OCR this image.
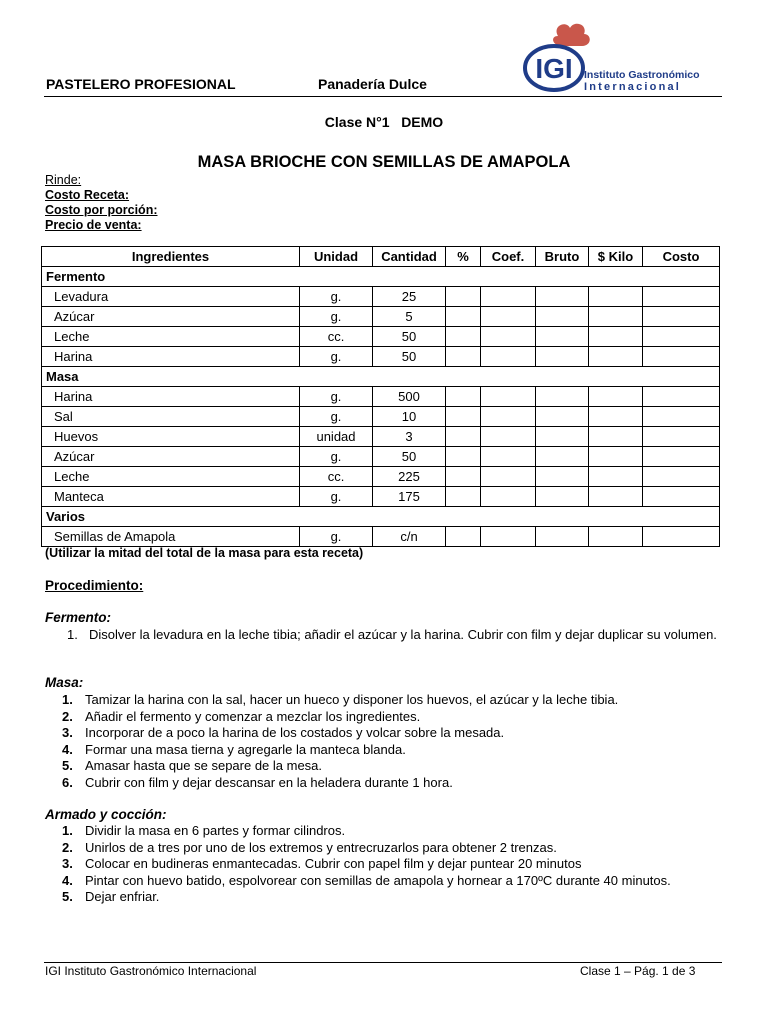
PASTELERO PROFESIONAL	Panadería Dulce	IGI Instituto Gastronómico
Internacional
Clase N°1   DEMO
MASA BRIOCHE CON SEMILLAS DE AMAPOLA
Rinde:
Costo Receta:
Costo por porción:
Precio de venta:
Ingredientes	Unidad	Cantidad	%	Coef.	Bruto	$ Kilo	Costo
Fermento							
Levadura	g.	25					
Azúcar	g.	5					
Leche	cc.	50					
Harina	g.	50					
Masa							
Harina	g.	500					
Sal	g.	10					
Huevos	unidad	3					
Azúcar	g.	50					
Leche	cc.	225					
Manteca	g.	175					
Varios							
Semillas de Amapola	g.	c/n					
(Utilizar la mitad del total de la masa para esta receta)
Procedimiento:
Fermento:
1. Disolver la levadura en la leche tibia; añadir el azúcar y la harina. Cubrir con film y dejar duplicar su volumen.
Masa:
1. Tamizar la harina con la sal, hacer un hueco y disponer los huevos, el azúcar y la leche tibia.
2. Añadir el fermento y comenzar a mezclar los ingredientes.
3. Incorporar de a poco la harina de los costados y volcar sobre la mesada.
4. Formar una masa tierna y agregarle la manteca blanda.
5. Amasar hasta que se separe de la mesa.
6. Cubrir con film y dejar descansar en la heladera durante 1 hora.
Armado y cocción:
1. Dividir la masa en 6 partes y formar cilindros.
2. Unirlos de a tres por uno de los extremos y entrecruzarlos para obtener 2 trenzas.
3. Colocar en budineras enmantecadas. Cubrir con papel film y dejar puntear 20 minutos
4. Pintar con huevo batido, espolvorear con semillas de amapola y hornear a 170ºC durante 40 minutos.
5. Dejar enfriar.
IGI Instituto Gastronómico Internacional	Clase 1 – Pág. 1 de 3
